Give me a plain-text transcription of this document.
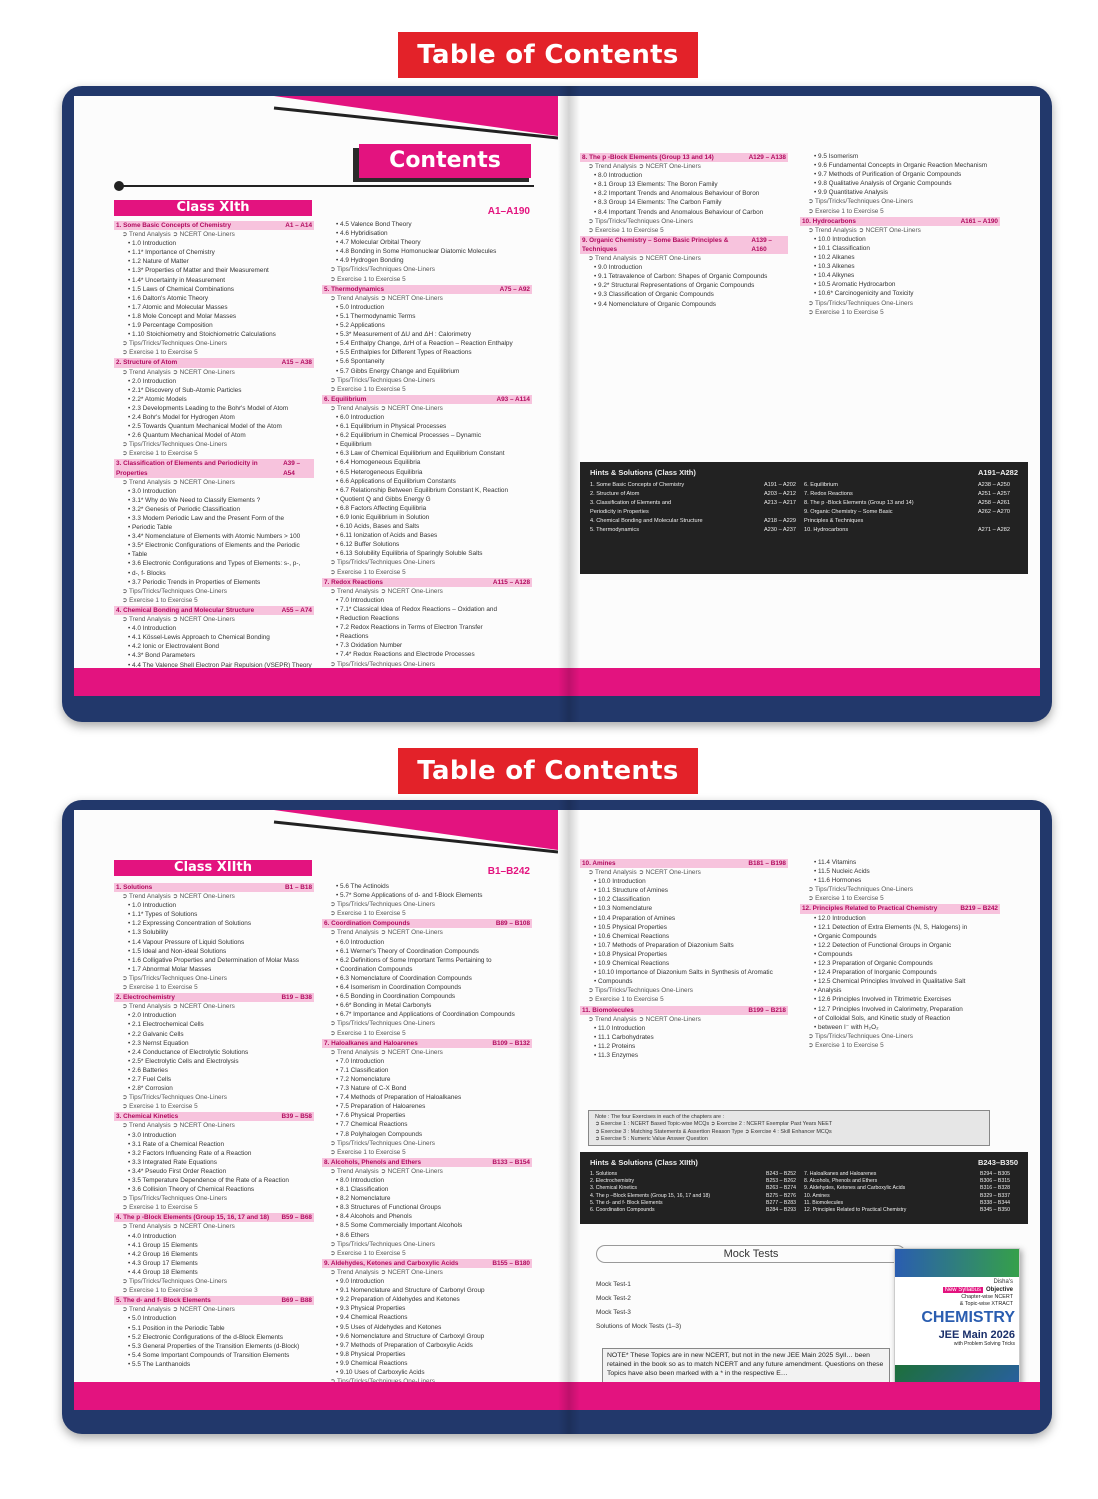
Table of Contents
Contents
Class XIth	A1–A190
1. Some Basic Concepts of Chemistry	A1 – A14
➲ Trend Analysis ➲ NCERT One-Liners
• 1.0 Introduction
• 1.1* Importance of Chemistry
• 1.2 Nature of Matter
• 1.3* Properties of Matter and their Measurement
• 1.4* Uncertainty in Measurement
• 1.5 Laws of Chemical Combinations
• 1.6 Dalton's Atomic Theory
• 1.7 Atomic and Molecular Masses
• 1.8 Mole Concept and Molar Masses
• 1.9 Percentage Composition
• 1.10 Stoichiometry and Stoichiometric Calculations
➲ Tips/Tricks/Techniques One-Liners
➲ Exercise 1 to Exercise 5
2. Structure of Atom	A15 – A38
➲ Trend Analysis ➲ NCERT One-Liners
• 2.0 Introduction
• 2.1* Discovery of Sub-Atomic Particles
• 2.2* Atomic Models
• 2.3 Developments Leading to the Bohr's Model of Atom
• 2.4 Bohr's Model for Hydrogen Atom
• 2.5 Towards Quantum Mechanical Model of the Atom
• 2.6 Quantum Mechanical Model of Atom
➲ Tips/Tricks/Techniques One-Liners
➲ Exercise 1 to Exercise 5
3. Classification of Elements and Periodicity in Properties
A39 – A54
➲ Trend Analysis ➲ NCERT One-Liners
• 3.0 Introduction
• 3.1* Why do We Need to Classify Elements ?
• 3.2* Genesis of Periodic Classification
• 3.3 Modern Periodic Law and the Present Form of the
• Periodic Table
• 3.4* Nomenclature of Elements with Atomic Numbers > 100
• 3.5* Electronic Configurations of Elements and the Periodic
• Table
• 3.6 Electronic Configurations and Types of Elements: s-, p-,
• d-, f- Blocks
• 3.7 Periodic Trends in Properties of Elements
➲ Tips/Tricks/Techniques One-Liners
➲ Exercise 1 to Exercise 5
4. Chemical Bonding and Molecular Structure	A55 – A74
➲ Trend Analysis ➲ NCERT One-Liners
• 4.0 Introduction
• 4.1 Kössel-Lewis Approach to Chemical Bonding
• 4.2 Ionic or Electrovalent Bond
• 4.3* Bond Parameters
• 4.4 The Valence Shell Electron Pair Repulsion (VSEPR) Theory
• 4.5 Valence Bond Theory
• 4.6 Hybridisation
• 4.7 Molecular Orbital Theory
• 4.8 Bonding in Some Homonuclear Diatomic Molecules
• 4.9 Hydrogen Bonding
➲ Tips/Tricks/Techniques One-Liners
➲ Exercise 1 to Exercise 5
5. Thermodynamics	A75 – A92
➲ Trend Analysis ➲ NCERT One-Liners
• 5.0 Introduction
• 5.1 Thermodynamic Terms
• 5.2 Applications
• 5.3* Measurement of ΔU and ΔH : Calorimetry
• 5.4 Enthalpy Change, ΔrH of a Reaction – Reaction Enthalpy
• 5.5 Enthalpies for Different Types of Reactions
• 5.6 Spontaneity
• 5.7 Gibbs Energy Change and Equilibrium
➲ Tips/Tricks/Techniques One-Liners
➲ Exercise 1 to Exercise 5
6. Equilibrium	A93 – A114
➲ Trend Analysis ➲ NCERT One-Liners
• 6.0 Introduction
• 6.1 Equilibrium in Physical Processes
• 6.2 Equilibrium in Chemical Processes – Dynamic
• Equilibrium
• 6.3 Law of Chemical Equilibrium and Equilibrium Constant
• 6.4 Homogeneous Equilibria
• 6.5 Heterogeneous Equilibria
• 6.6 Applications of Equilibrium Constants
• 6.7 Relationship Between Equilibrium Constant K, Reaction
• Quotient Q and Gibbs Energy G
• 6.8 Factors Affecting Equilibria
• 6.9 Ionic Equilibrium in Solution
• 6.10 Acids, Bases and Salts
• 6.11 Ionization of Acids and Bases
• 6.12 Buffer Solutions
• 6.13 Solubility Equilibria of Sparingly Soluble Salts
➲ Tips/Tricks/Techniques One-Liners
➲ Exercise 1 to Exercise 5
7. Redox Reactions	A115 – A128
➲ Trend Analysis ➲ NCERT One-Liners
• 7.0 Introduction
• 7.1* Classical Idea of Redox Reactions – Oxidation and
• Reduction Reactions
• 7.2 Redox Reactions in Terms of Electron Transfer
• Reactions
• 7.3 Oxidation Number
• 7.4* Redox Reactions and Electrode Processes
➲ Tips/Tricks/Techniques One-Liners
8. The p -Block Elements (Group 13 and 14)	A129 – A138
➲ Trend Analysis ➲ NCERT One-Liners
• 8.0 Introduction
• 8.1 Group 13 Elements: The Boron Family
• 8.2 Important Trends and Anomalous Behaviour of Boron
• 8.3 Group 14 Elements: The Carbon Family
• 8.4 Important Trends and Anomalous Behaviour of Carbon
➲ Tips/Tricks/Techniques One-Liners
➲ Exercise 1 to Exercise 5
9. Organic Chemistry – Some Basic Principles & Techniques
A139 – A160
➲ Trend Analysis ➲ NCERT One-Liners
• 9.0 Introduction
• 9.1 Tetravalence of Carbon: Shapes of Organic Compounds
• 9.2* Structural Representations of Organic Compounds
• 9.3 Classification of Organic Compounds
• 9.4 Nomenclature of Organic Compounds
• 9.5 Isomerism
• 9.6 Fundamental Concepts in Organic Reaction Mechanism
• 9.7 Methods of Purification of Organic Compounds
• 9.8 Qualitative Analysis of Organic Compounds
• 9.9 Quantitative Analysis
➲ Tips/Tricks/Techniques One-Liners
➲ Exercise 1 to Exercise 5
10. Hydrocarbons	A161 – A190
➲ Trend Analysis ➲ NCERT One-Liners
• 10.0 Introduction
• 10.1 Classification
• 10.2 Alkanes
• 10.3 Alkenes
• 10.4 Alkynes
• 10.5 Aromatic Hydrocarbon
• 10.6* Carcinogenicity and Toxicity
➲ Tips/Tricks/Techniques One-Liners
➲ Exercise 1 to Exercise 5
Hints & Solutions (Class XIth)	A191–A282
1. Some Basic Concepts of Chemistry	A191 – A202
2. Structure of Atom	A203 – A212
3. Classification of Elements and	A213 – A217
Periodicity in Properties
4. Chemical Bonding and Molecular Structure	A218 – A229
5. Thermodynamics	A230 – A237
6. Equilibrium	A238 – A250
7. Redox Reactions	A251 – A257
8. The p -Block Elements (Group 13 and 14)	A258 – A261
9. Organic Chemistry – Some Basic	A262 – A270
Principles & Techniques
10. Hydrocarbons	A271 – A282
Table of Contents
Class XIIth	B1–B242
1. Solutions	B1 – B18
➲ Trend Analysis ➲ NCERT One-Liners
• 1.0 Introduction
• 1.1* Types of Solutions
• 1.2 Expressing Concentration of Solutions
• 1.3 Solubility
• 1.4 Vapour Pressure of Liquid Solutions
• 1.5 Ideal and Non-ideal Solutions
• 1.6 Colligative Properties and Determination of Molar Mass
• 1.7 Abnormal Molar Masses
➲ Tips/Tricks/Techniques One-Liners
➲ Exercise 1 to Exercise 5
2. Electrochemistry	B19 – B38
➲ Trend Analysis ➲ NCERT One-Liners
• 2.0 Introduction
• 2.1 Electrochemical Cells
• 2.2 Galvanic Cells
• 2.3 Nernst Equation
• 2.4 Conductance of Electrolytic Solutions
• 2.5* Electrolytic Cells and Electrolysis
• 2.6 Batteries
• 2.7 Fuel Cells
• 2.8* Corrosion
➲ Tips/Tricks/Techniques One-Liners
➲ Exercise 1 to Exercise 5
3. Chemical Kinetics	B39 – B58
➲ Trend Analysis ➲ NCERT One-Liners
• 3.0 Introduction
• 3.1 Rate of a Chemical Reaction
• 3.2 Factors Influencing Rate of a Reaction
• 3.3 Integrated Rate Equations
• 3.4* Pseudo First Order Reaction
• 3.5 Temperature Dependence of the Rate of a Reaction
• 3.6 Collision Theory of Chemical Reactions
➲ Tips/Tricks/Techniques One-Liners
➲ Exercise 1 to Exercise 5
4. The p -Block Elements (Group 15, 16, 17 and 18) B59 – B68
➲ Trend Analysis ➲ NCERT One-Liners
• 4.0 Introduction
• 4.1 Group 15 Elements
• 4.2 Group 16 Elements
• 4.3 Group 17 Elements
• 4.4 Group 18 Elements
➲ Tips/Tricks/Techniques One-Liners
➲ Exercise 1 to Exercise 3
5. The d- and f- Block Elements	B69 – B88
➲ Trend Analysis ➲ NCERT One-Liners
• 5.0 Introduction
• 5.1 Position in the Periodic Table
• 5.2 Electronic Configurations of the d-Block Elements
• 5.3 General Properties of the Transition Elements (d-Block)
• 5.4 Some Important Compounds of Transition Elements
• 5.5 The Lanthanoids
• 5.6 The Actinoids
• 5.7* Some Applications of d- and f-Block Elements
➲ Tips/Tricks/Techniques One-Liners
➲ Exercise 1 to Exercise 5
6. Coordination Compounds	B89 – B108
➲ Trend Analysis ➲ NCERT One-Liners
• 6.0 Introduction
• 6.1 Werner's Theory of Coordination Compounds
• 6.2 Definitions of Some Important Terms Pertaining to
• Coordination Compounds
• 6.3 Nomenclature of Coordination Compounds
• 6.4 Isomerism in Coordination Compounds
• 6.5 Bonding in Coordination Compounds
• 6.6* Bonding in Metal Carbonyls
• 6.7* Importance and Applications of Coordination Compounds
➲ Tips/Tricks/Techniques One-Liners
➲ Exercise 1 to Exercise 5
7. Haloalkanes and Haloarenes	B109 – B132
➲ Trend Analysis ➲ NCERT One-Liners
• 7.0 Introduction
• 7.1 Classification
• 7.2 Nomenclature
• 7.3 Nature of C-X Bond
• 7.4 Methods of Preparation of Haloalkanes
• 7.5 Preparation of Haloarenes
• 7.6 Physical Properties
• 7.7 Chemical Reactions
• 7.8 Polyhalogen Compounds
➲ Tips/Tricks/Techniques One-Liners
➲ Exercise 1 to Exercise 5
8. Alcohols, Phenols and Ethers	B133 – B154
➲ Trend Analysis ➲ NCERT One-Liners
• 8.0 Introduction
• 8.1 Classification
• 8.2 Nomenclature
• 8.3 Structures of Functional Groups
• 8.4 Alcohols and Phenols
• 8.5 Some Commercially Important Alcohols
• 8.6 Ethers
➲ Tips/Tricks/Techniques One-Liners
➲ Exercise 1 to Exercise 5
9. Aldehydes, Ketones and Carboxylic Acids	B155 – B180
➲ Trend Analysis ➲ NCERT One-Liners
• 9.0 Introduction
• 9.1 Nomenclature and Structure of Carbonyl Group
• 9.2 Preparation of Aldehydes and Ketones
• 9.3 Physical Properties
• 9.4 Chemical Reactions
• 9.5 Uses of Aldehydes and Ketones
• 9.6 Nomenclature and Structure of Carboxyl Group
• 9.7 Methods of Preparation of Carboxylic Acids
• 9.8 Physical Properties
• 9.9 Chemical Reactions
• 9.10 Uses of Carboxylic Acids
10. Amines	B181 – B198
➲ Trend Analysis ➲ NCERT One-Liners
• 10.0 Introduction
• 10.1 Structure of Amines
• 10.2 Classification
• 10.3 Nomenclature
• 10.4 Preparation of Amines
• 10.5 Physical Properties
• 10.6 Chemical Reactions
• 10.7 Methods of Preparation of Diazonium Salts
• 10.8 Physical Properties
• 10.9 Chemical Reactions
• 10.10 Importance of Diazonium Salts in Synthesis of Aromatic
• Compounds
➲ Tips/Tricks/Techniques One-Liners
➲ Exercise 1 to Exercise 5
11. Biomolecules	B199 – B218
➲ Trend Analysis ➲ NCERT One-Liners
• 11.0 Introduction
• 11.1 Carbohydrates
• 11.2 Proteins
• 11.3 Enzymes
• 11.4 Vitamins
• 11.5 Nucleic Acids
• 11.6 Hormones
➲ Tips/Tricks/Techniques One-Liners
➲ Exercise 1 to Exercise 5
12. Principles Related to Practical Chemistry	B219 – B242
• 12.0 Introduction
• 12.1 Detection of Extra Elements (N, S, Halogens) in
• Organic Compounds
• 12.2 Detection of Functional Groups in Organic
• Compounds
• 12.3 Preparation of Organic Compounds
• 12.4 Preparation of Inorganic Compounds
• 12.5 Chemical Principles Involved in Qualitative Salt
• Analysis
• 12.6 Principles Involved in Titrimetric Exercises
• 12.7 Principles Involved in Calorimetry, Preparation
• of Colloidal Sols, and Kinetic study of Reaction
• between I⁻ with H₂O₂
➲ Tips/Tricks/Techniques One-Liners
➲ Exercise 1 to Exercise 5
Note : The four Exercises in each of the chapters are :
➲ Exercise 1 : NCERT Based Topic-wise MCQs ➲ Exercise 2 : NCERT Exemplar Past Years NEET
➲ Exercise 3 : Matching Statements & Assertion Reason Type ➲ Exercise 4 : Skill Enhancer MCQs
➲ Exercise 5 : Numeric Value Answer Question
Hints & Solutions (Class XIIth)	B243–B350
1. Solutions	B243 – B252
2. Electrochemistry	B253 – B262
3. Chemical Kinetics	B263 – B274
4. The p –Block Elements (Group 15, 16, 17 and 18)	B275 – B276
5. The d- and f- Block Elements	B277 – B283
6. Coordination Compounds	B284 – B293
7. Haloalkanes and Haloarenes	B294 – B305
8. Alcohols, Phenols and Ethers	B306 – B315
9. Aldehydes, Ketones and Carboxylic Acids	B316 – B328
10. Amines	B329 – B337
11. Biomolecules	B338 – B344
12. Principles Related to Practical Chemistry	B345 – B350
Mock Tests
Mock Test-1
Mock Test-2
Mock Test-3
Solutions of Mock Tests (1–3)
NOTE* These Topics are in new NCERT, but not in the new JEE Main 2025 Syll… been retained in the book so as to match NCERT and any future amendment. Questions on these Topics have also been marked with a * in the respective E…
Disha's
New Syllabus Objective
Chapter-wise NCERT
& Topic-wise XTRACT
CHEMISTRY
JEE Main 2026
with Problem Solving Tricks
